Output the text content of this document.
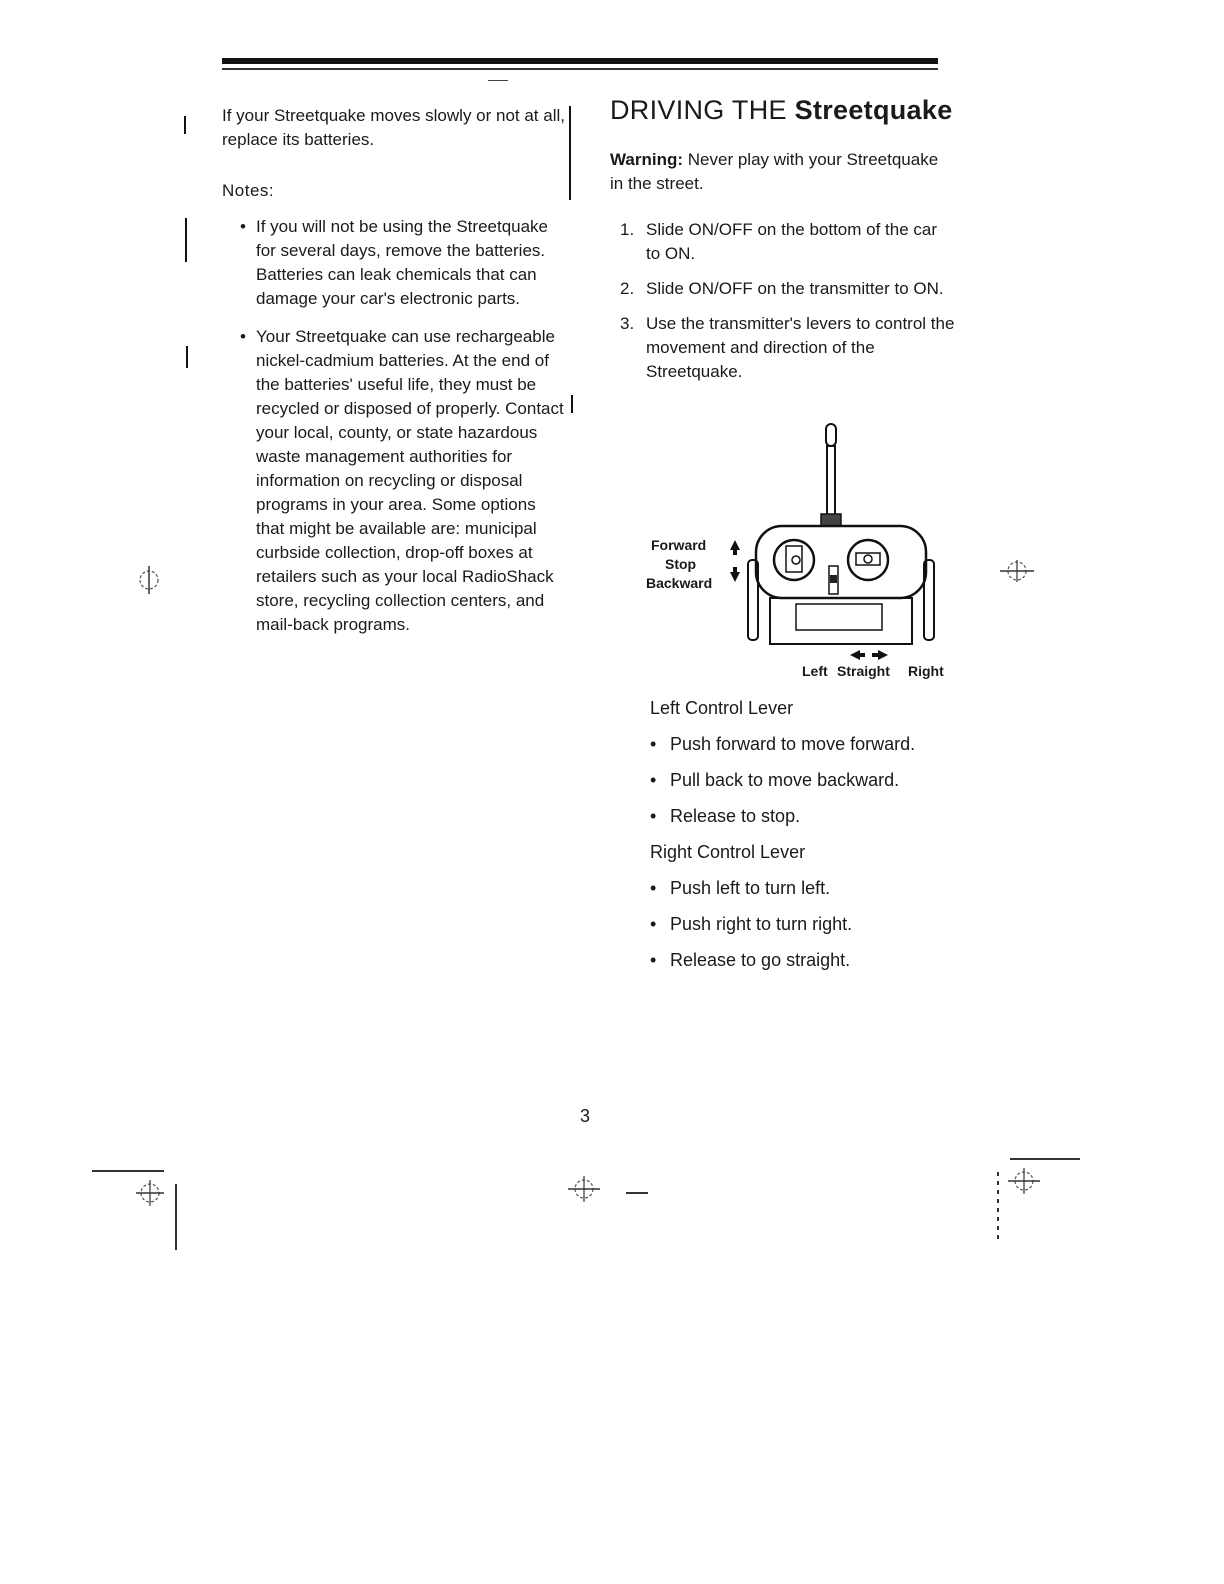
If your Streetquake moves slowly or not at all, replace its batteries.

Notes:

• If you will not be using the Streetquake for several days, remove the batteries. Batteries can leak chemicals that can damage your car's electronic parts.
• Your Streetquake can use rechargeable nickel-cadmium batteries. At the end of the batteries' useful life, they must be recycled or disposed of properly. Contact your local, county, or state hazardous waste management authorities for information on recycling or disposal programs in your area. Some options that might be available are: municipal curbside collection, drop-off boxes at retailers such as your local RadioShack store, recycling collection centers, and mail-back programs.
DRIVING THE Streetquake

Warning: Never play with your Streetquake in the street.

1. Slide ON/OFF on the bottom of the car to ON.
2. Slide ON/OFF on the transmitter to ON.
3. Use the transmitter's levers to control the movement and direction of the Streetquake.
Forward
Stop
Backward
Left Straight Right

Left Control Lever

• Push forward to move forward.
• Pull back to move backward.
• Release to stop.

Right Control Lever

• Push left to turn left.
• Push right to turn right.
• Release to go straight.
3
